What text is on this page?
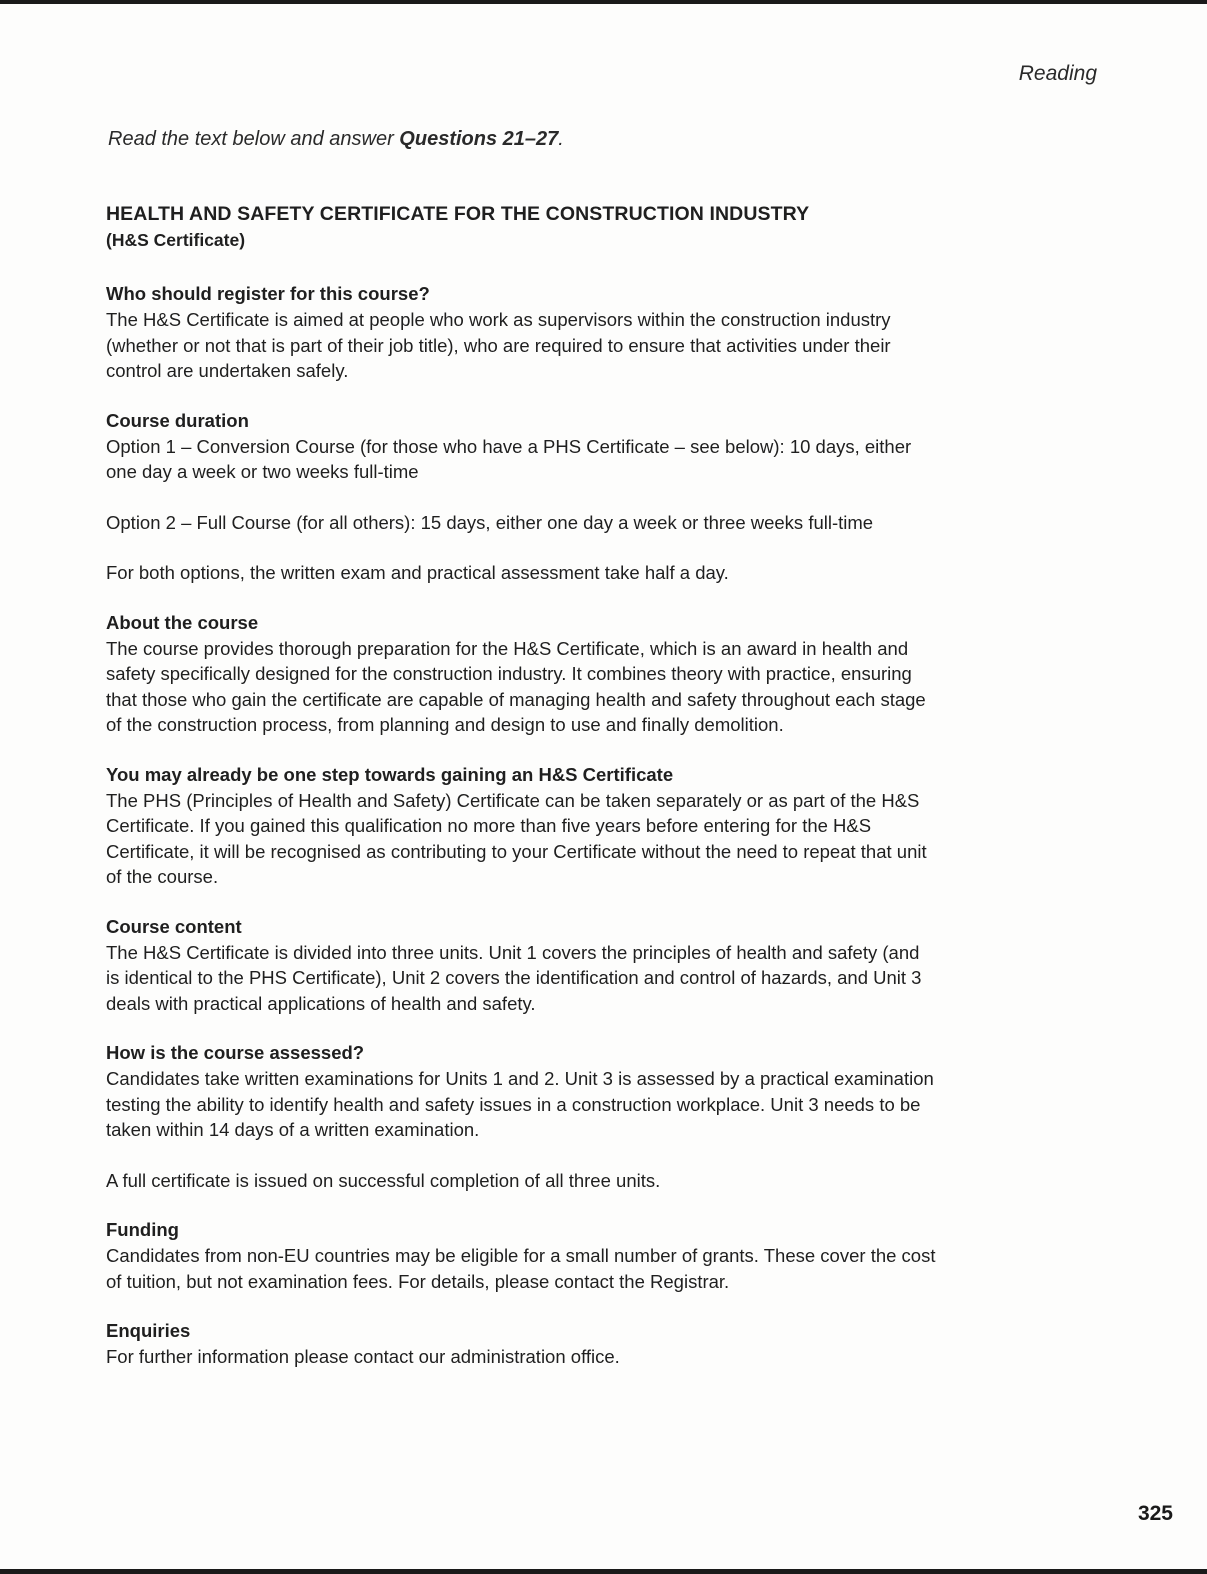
Reading
Read the text below and answer Questions 21–27.
HEALTH AND SAFETY CERTIFICATE FOR THE CONSTRUCTION INDUSTRY
(H&S Certificate)
Who should register for this course?

The H&S Certificate is aimed at people who work as supervisors within the construction industry (whether or not that is part of their job title), who are required to ensure that activities under their control are undertaken safely.

Course duration

Option 1 – Conversion Course (for those who have a PHS Certificate – see below): 10 days, either one day a week or two weeks full-time

Option 2 – Full Course (for all others): 15 days, either one day a week or three weeks full-time

For both options, the written exam and practical assessment take half a day.

About the course

The course provides thorough preparation for the H&S Certificate, which is an award in health and safety specifically designed for the construction industry. It combines theory with practice, ensuring that those who gain the certificate are capable of managing health and safety throughout each stage of the construction process, from planning and design to use and finally demolition.

You may already be one step towards gaining an H&S Certificate

The PHS (Principles of Health and Safety) Certificate can be taken separately or as part of the H&S Certificate. If you gained this qualification no more than five years before entering for the H&S Certificate, it will be recognised as contributing to your Certificate without the need to repeat that unit of the course.

Course content

The H&S Certificate is divided into three units. Unit 1 covers the principles of health and safety (and is identical to the PHS Certificate), Unit 2 covers the identification and control of hazards, and Unit 3 deals with practical applications of health and safety.

How is the course assessed?

Candidates take written examinations for Units 1 and 2. Unit 3 is assessed by a practical examination testing the ability to identify health and safety issues in a construction workplace. Unit 3 needs to be taken within 14 days of a written examination.

A full certificate is issued on successful completion of all three units.

Funding

Candidates from non-EU countries may be eligible for a small number of grants. These cover the cost of tuition, but not examination fees. For details, please contact the Registrar.

Enquiries

For further information please contact our administration office.

325
